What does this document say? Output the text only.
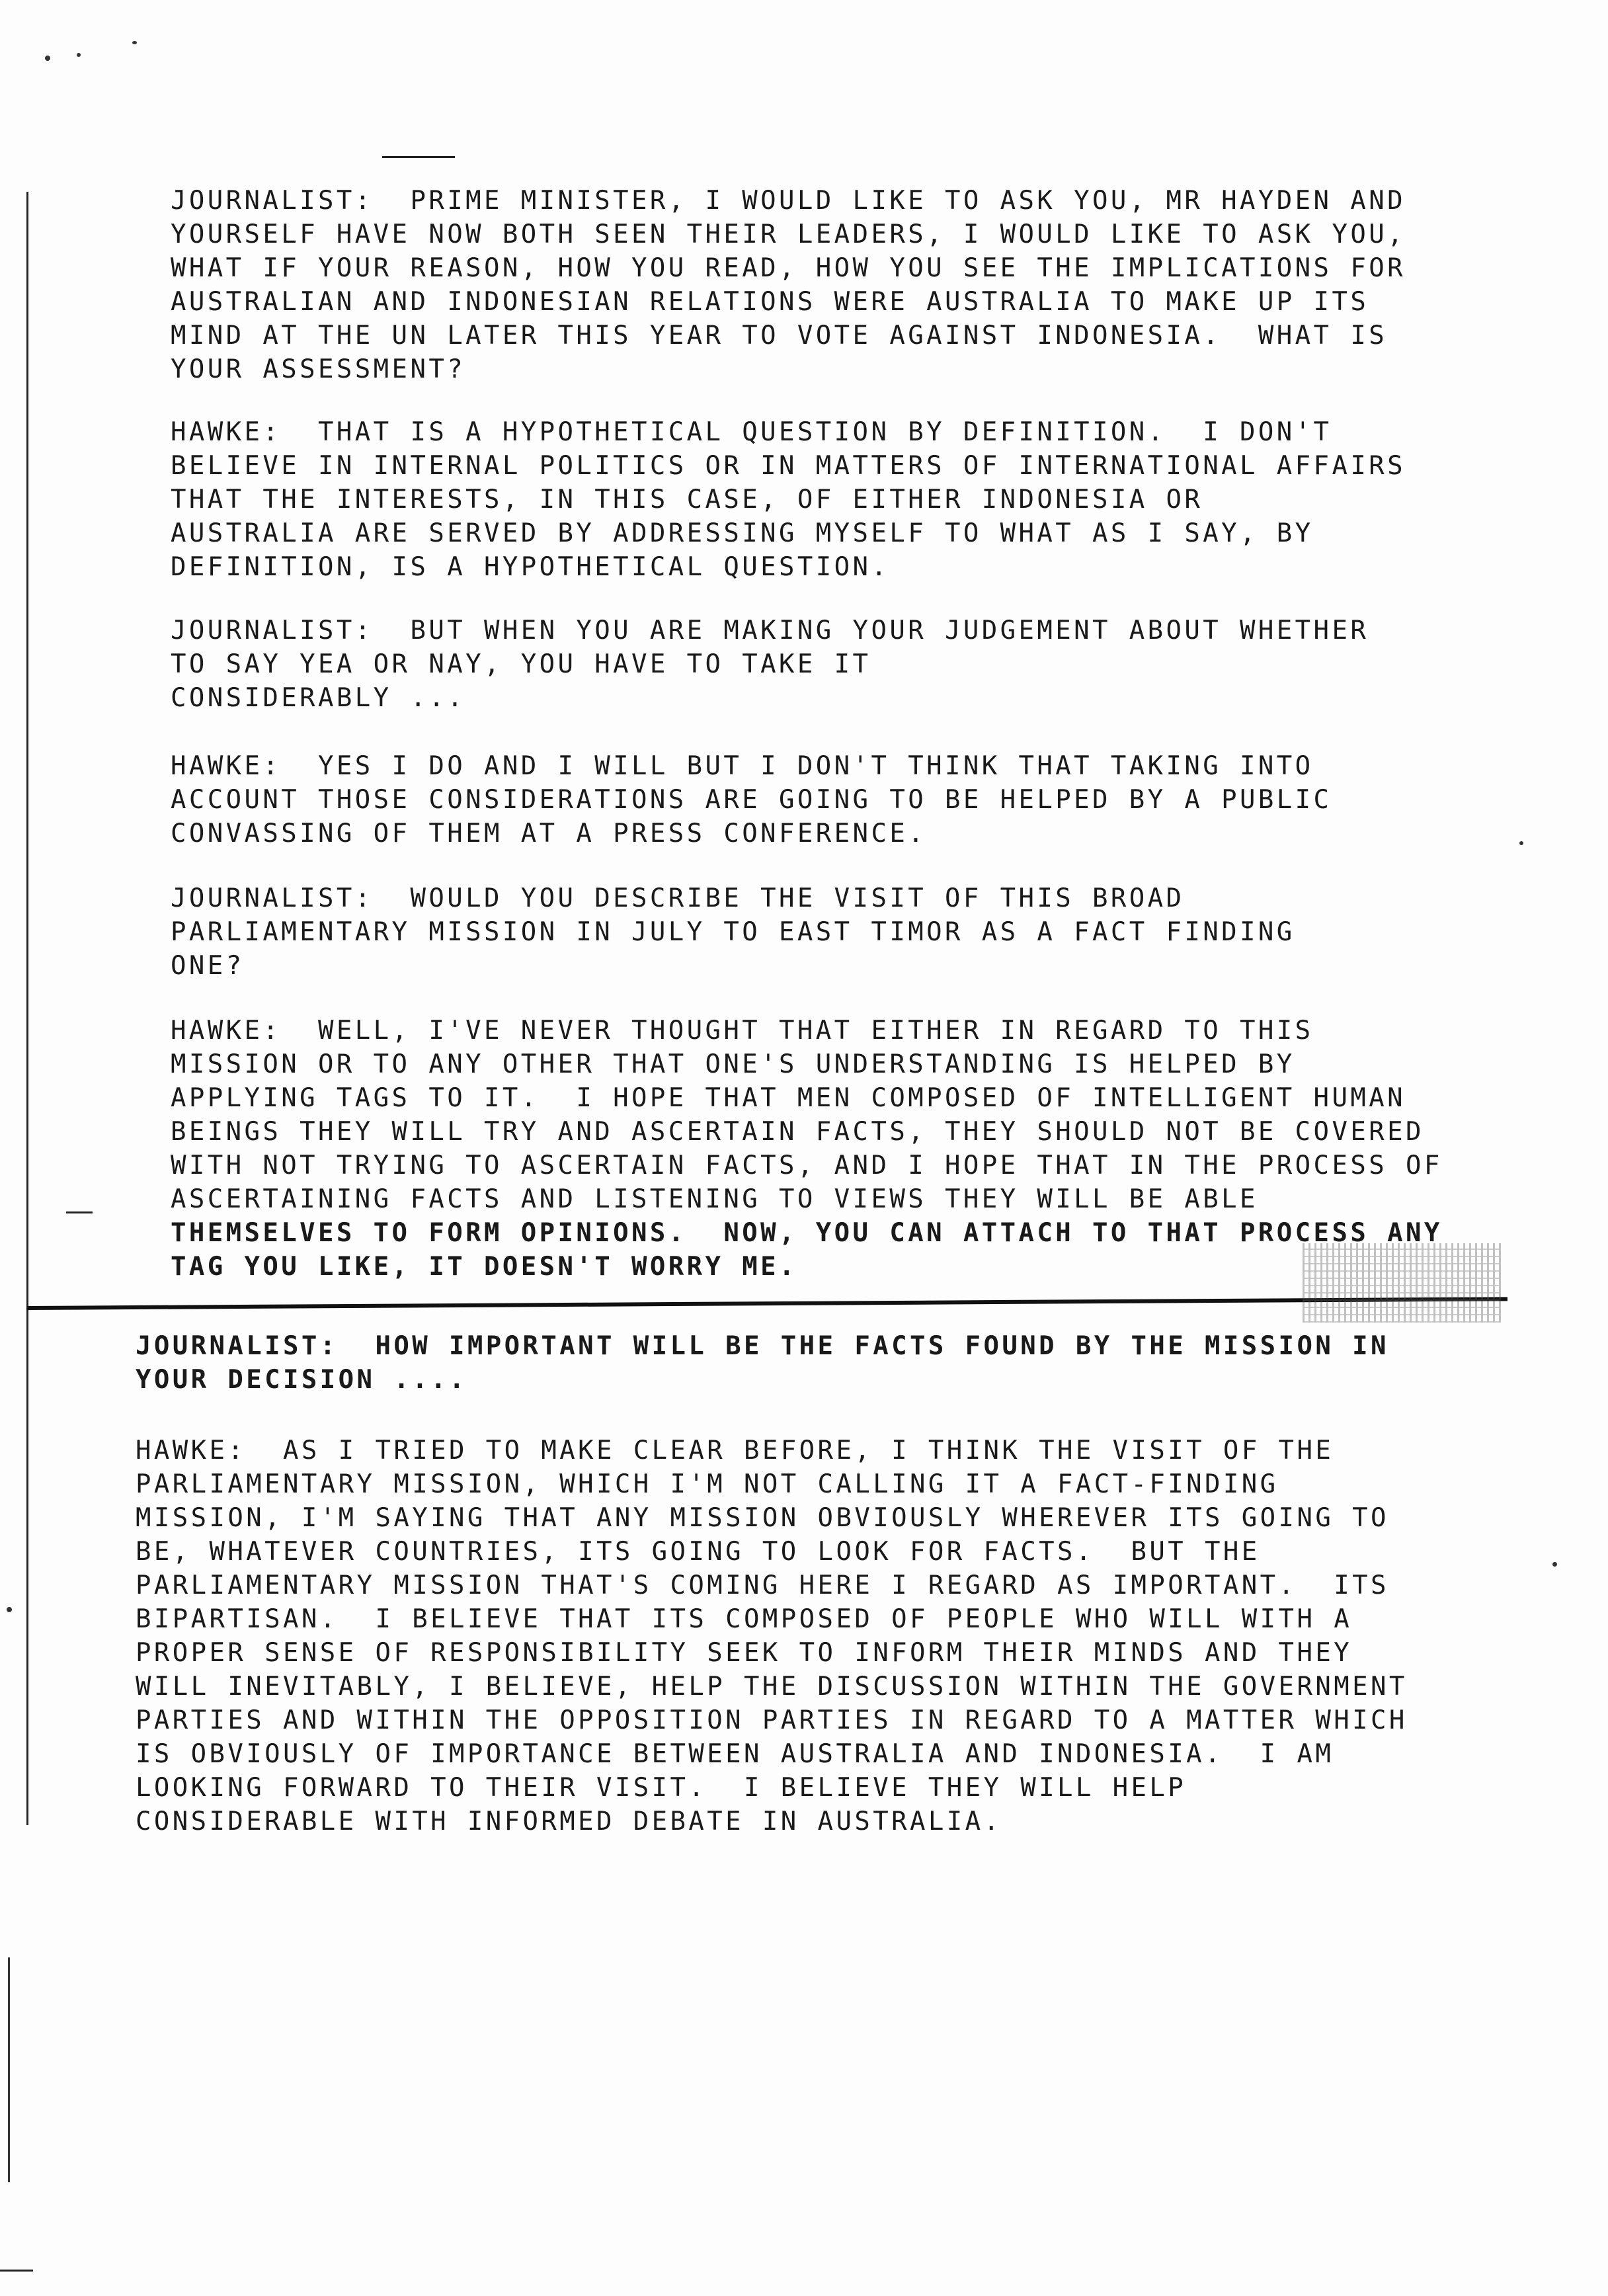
JOURNALIST:  PRIME MINISTER, I WOULD LIKE TO ASK YOU, MR HAYDEN AND
YOURSELF HAVE NOW BOTH SEEN THEIR LEADERS, I WOULD LIKE TO ASK YOU,
WHAT IF YOUR REASON, HOW YOU READ, HOW YOU SEE THE IMPLICATIONS FOR
AUSTRALIAN AND INDONESIAN RELATIONS WERE AUSTRALIA TO MAKE UP ITS
MIND AT THE UN LATER THIS YEAR TO VOTE AGAINST INDONESIA.  WHAT IS
YOUR ASSESSMENT?
HAWKE:  THAT IS A HYPOTHETICAL QUESTION BY DEFINITION.  I DON'T
BELIEVE IN INTERNAL POLITICS OR IN MATTERS OF INTERNATIONAL AFFAIRS
THAT THE INTERESTS, IN THIS CASE, OF EITHER INDONESIA OR
AUSTRALIA ARE SERVED BY ADDRESSING MYSELF TO WHAT AS I SAY, BY
DEFINITION, IS A HYPOTHETICAL QUESTION.
JOURNALIST:  BUT WHEN YOU ARE MAKING YOUR JUDGEMENT ABOUT WHETHER
TO SAY YEA OR NAY, YOU HAVE TO TAKE IT
CONSIDERABLY ...
HAWKE:  YES I DO AND I WILL BUT I DON'T THINK THAT TAKING INTO
ACCOUNT THOSE CONSIDERATIONS ARE GOING TO BE HELPED BY A PUBLIC
CONVASSING OF THEM AT A PRESS CONFERENCE.
JOURNALIST:  WOULD YOU DESCRIBE THE VISIT OF THIS BROAD
PARLIAMENTARY MISSION IN JULY TO EAST TIMOR AS A FACT FINDING
ONE?
HAWKE:  WELL, I'VE NEVER THOUGHT THAT EITHER IN REGARD TO THIS
MISSION OR TO ANY OTHER THAT ONE'S UNDERSTANDING IS HELPED BY
APPLYING TAGS TO IT.  I HOPE THAT MEN COMPOSED OF INTELLIGENT HUMAN
BEINGS THEY WILL TRY AND ASCERTAIN FACTS, THEY SHOULD NOT BE COVERED
WITH NOT TRYING TO ASCERTAIN FACTS, AND I HOPE THAT IN THE PROCESS OF
ASCERTAINING FACTS AND LISTENING TO VIEWS THEY WILL BE ABLE
THEMSELVES TO FORM OPINIONS.  NOW, YOU CAN ATTACH TO THAT PROCESS ANY
TAG YOU LIKE, IT DOESN'T WORRY ME.
JOURNALIST:  HOW IMPORTANT WILL BE THE FACTS FOUND BY THE MISSION IN
YOUR DECISION ....
HAWKE:  AS I TRIED TO MAKE CLEAR BEFORE, I THINK THE VISIT OF THE
PARLIAMENTARY MISSION, WHICH I'M NOT CALLING IT A FACT-FINDING
MISSION, I'M SAYING THAT ANY MISSION OBVIOUSLY WHEREVER ITS GOING TO
BE, WHATEVER COUNTRIES, ITS GOING TO LOOK FOR FACTS.  BUT THE
PARLIAMENTARY MISSION THAT'S COMING HERE I REGARD AS IMPORTANT.  ITS
BIPARTISAN.  I BELIEVE THAT ITS COMPOSED OF PEOPLE WHO WILL WITH A
PROPER SENSE OF RESPONSIBILITY SEEK TO INFORM THEIR MINDS AND THEY
WILL INEVITABLY, I BELIEVE, HELP THE DISCUSSION WITHIN THE GOVERNMENT
PARTIES AND WITHIN THE OPPOSITION PARTIES IN REGARD TO A MATTER WHICH
IS OBVIOUSLY OF IMPORTANCE BETWEEN AUSTRALIA AND INDONESIA.  I AM
LOOKING FORWARD TO THEIR VISIT.  I BELIEVE THEY WILL HELP
CONSIDERABLE WITH INFORMED DEBATE IN AUSTRALIA.
